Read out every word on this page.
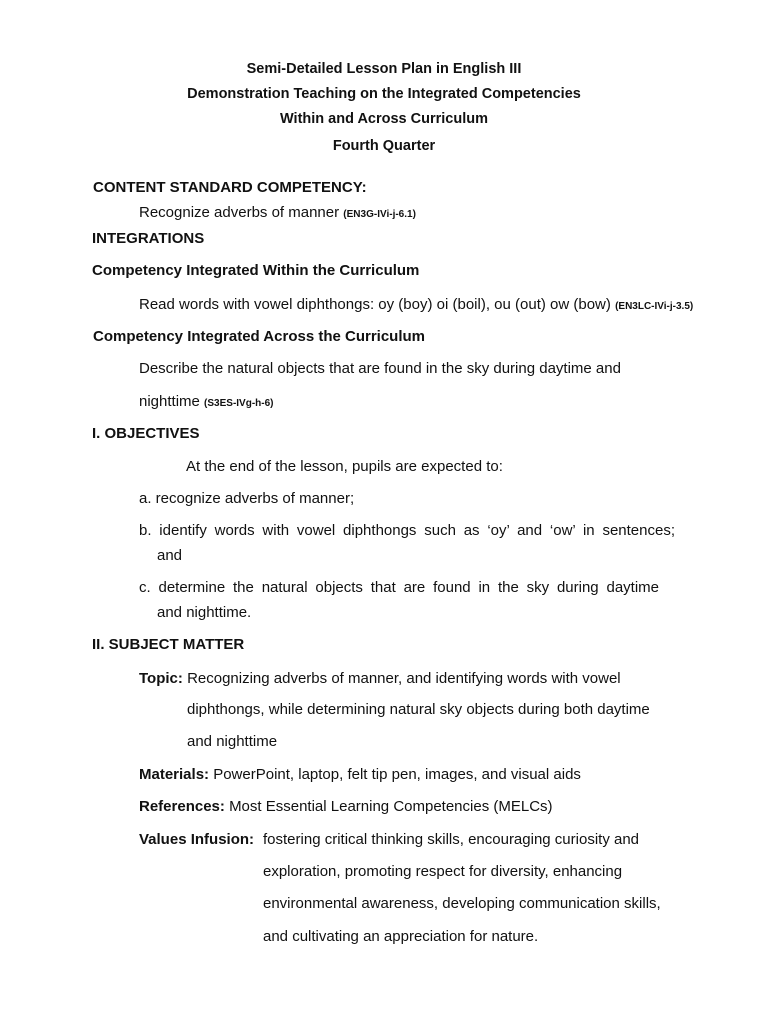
Semi-Detailed Lesson Plan in English III
Demonstration Teaching on the Integrated Competencies
Within and Across Curriculum
Fourth Quarter
CONTENT STANDARD COMPETENCY:
Recognize adverbs of manner (EN3G-IVi-j-6.1)
INTEGRATIONS
Competency Integrated Within the Curriculum
Read words with vowel diphthongs: oy (boy) oi (boil), ou (out) ow (bow) (EN3LC-IVi-j-3.5)
Competency Integrated Across the Curriculum
Describe the natural objects that are found in the sky during daytime and
nighttime (S3ES-IVg-h-6)
I. OBJECTIVES
At the end of the lesson, pupils are expected to:
a. recognize adverbs of manner;
b. identify words with vowel diphthongs such as ‘oy’ and ‘ow’ in sentences;
and
c. determine the natural objects that are found in the sky during daytime
and nighttime.
II. SUBJECT MATTER
Topic: Recognizing adverbs of manner, and identifying words with vowel
diphthongs, while determining natural sky objects during both daytime
and nighttime
Materials: PowerPoint, laptop, felt tip pen, images, and visual aids
References: Most Essential Learning Competencies (MELCs)
Values Infusion: fostering critical thinking skills, encouraging curiosity and
exploration, promoting respect for diversity, enhancing
environmental awareness, developing communication skills,
and cultivating an appreciation for nature.
